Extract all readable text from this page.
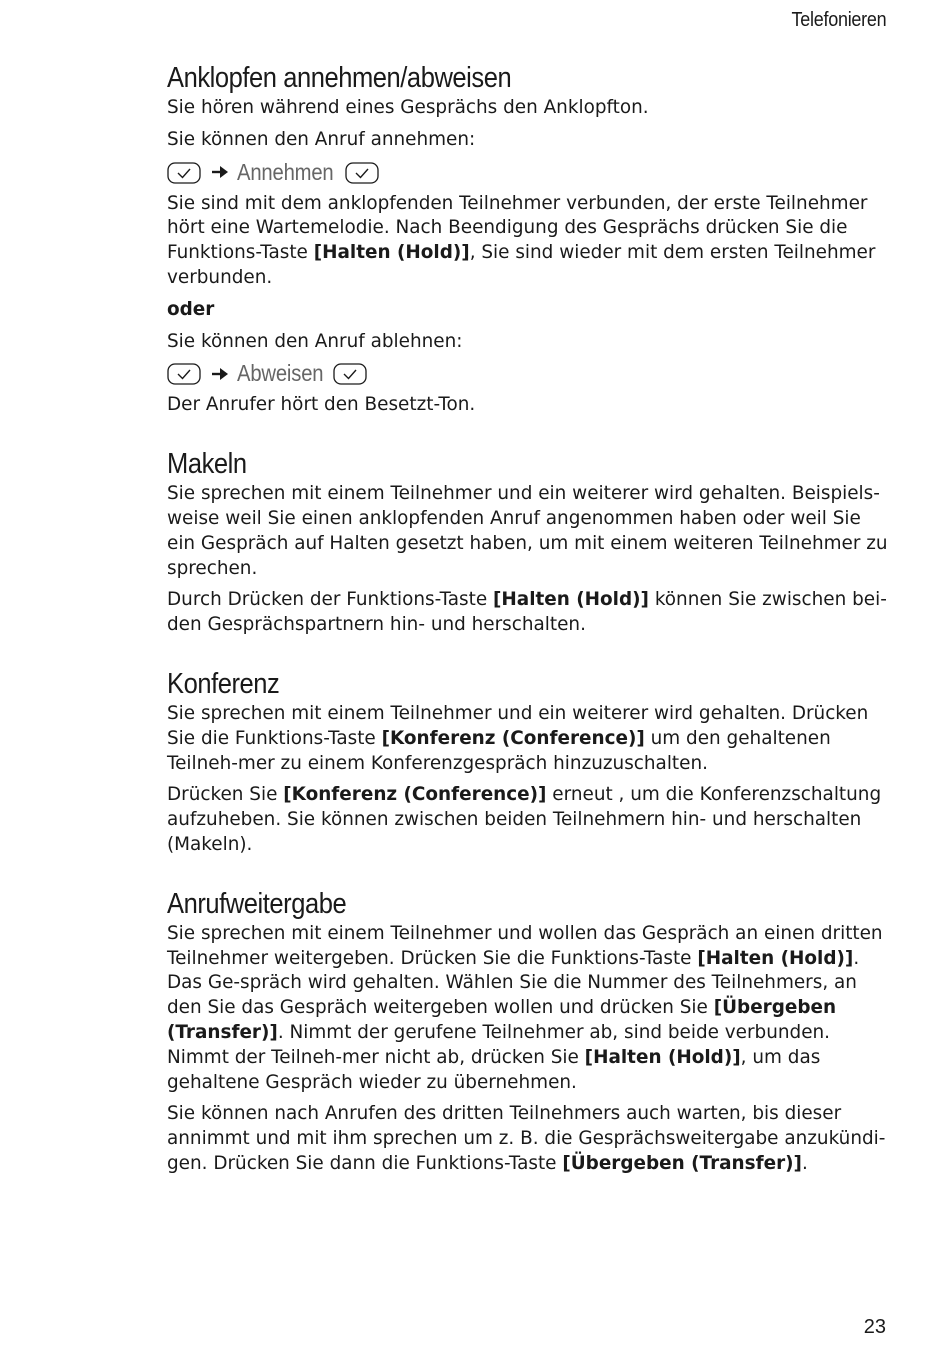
Telefonieren
Anklopfen annehmen/abweisen

Sie hören während eines Gesprächs den Anklopfton.

Sie können den Anruf annehmen:

Annehmen

Sie sind mit dem anklopfenden Teilnehmer verbunden, der erste Teilnehmer hört eine Wartemelodie. Nach Beendigung des Gesprächs drücken Sie die Funktions-Taste [Halten (Hold)], Sie sind wieder mit dem ersten Teilnehmer verbunden.

oder

Sie können den Anruf ablehnen:

Abweisen

Der Anrufer hört den Besetzt-Ton.

Makeln

Sie sprechen mit einem Teilnehmer und ein weiterer wird gehalten. Beispiels-weise weil Sie einen anklopfenden Anruf angenommen haben oder weil Sie ein Gespräch auf Halten gesetzt haben, um mit einem weiteren Teilnehmer zu sprechen.

Durch Drücken der Funktions-Taste [Halten (Hold)] können Sie zwischen bei-den Gesprächspartnern hin- und herschalten.

Konferenz

Sie sprechen mit einem Teilnehmer und ein weiterer wird gehalten. Drücken Sie die Funktions-Taste [Konferenz (Conference)] um den gehaltenen Teilneh-mer zu einem Konferenzgespräch hinzuzuschalten.

Drücken Sie [Konferenz (Conference)] erneut , um die Konferenzschaltung aufzuheben. Sie können zwischen beiden Teilnehmern hin- und herschalten (Makeln).

Anrufweitergabe

Sie sprechen mit einem Teilnehmer und wollen das Gespräch an einen dritten Teilnehmer weitergeben. Drücken Sie die Funktions-Taste [Halten (Hold)]. Das Ge-spräch wird gehalten. Wählen Sie die Nummer des Teilnehmers, an den Sie das Gespräch weitergeben wollen und drücken Sie [Übergeben (Transfer)]. Nimmt der gerufene Teilnehmer ab, sind beide verbunden. Nimmt der Teilneh-mer nicht ab, drücken Sie [Halten (Hold)], um das gehaltene Gespräch wieder zu übernehmen.

Sie können nach Anrufen des dritten Teilnehmers auch warten, bis dieser annimmt und mit ihm sprechen um z. B. die Gesprächsweitergabe anzukündi-gen. Drücken Sie dann die Funktions-Taste [Übergeben (Transfer)].

23
